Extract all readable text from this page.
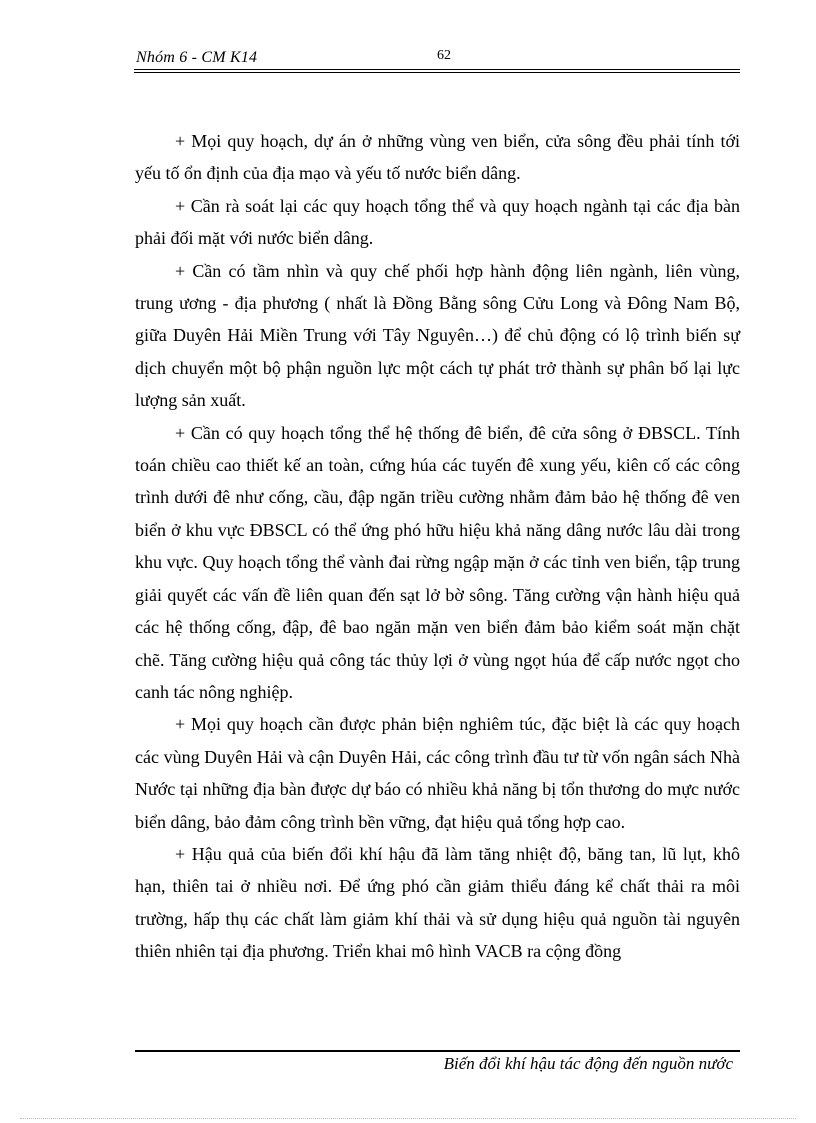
Nhóm 6 - CM K14	62

+ Mọi quy hoạch, dự án ở những vùng ven biển, cửa sông đều phải tính tới yếu tố ổn định của địa mạo và yếu tố nước biển dâng.

+ Cần rà soát lại các quy hoạch tổng thể và quy hoạch ngành tại các địa bàn phải đối mặt với nước biển dâng.

+ Cần có tầm nhìn và quy chế phối hợp hành động liên ngành, liên vùng, trung ương - địa phương ( nhất là Đồng Bằng sông Cửu Long và Đông Nam Bộ, giữa Duyên Hải Miền Trung với Tây Nguyên…) để chủ động có lộ trình biến sự dịch chuyển một bộ phận nguồn lực một cách tự phát trở thành sự phân bố lại lực lượng sản xuất.

+ Cần có quy hoạch tổng thể hệ thống đê biển, đê cửa sông ở ĐBSCL. Tính toán chiều cao thiết kế an toàn, cứng húa các tuyến đê xung yếu, kiên cố các công trình dưới đê như cống, cầu, đập ngăn triều cường nhằm đảm bảo hệ thống đê ven biển ở khu vực ĐBSCL có thể ứng phó hữu hiệu khả năng dâng nước lâu dài trong khu vực. Quy hoạch tổng thể vành đai rừng ngập mặn ở các tỉnh ven biển, tập trung giải quyết các vấn đề liên quan đến sạt lở bờ sông. Tăng cường vận hành hiệu quả các hệ thống cống, đập, đê bao ngăn mặn ven biển đảm bảo kiểm soát mặn chặt chẽ. Tăng cường hiệu quả công tác thủy lợi ở vùng ngọt húa để cấp nước ngọt cho canh tác nông nghiệp.

+ Mọi quy hoạch cần được phản biện nghiêm túc, đặc biệt là các quy hoạch các vùng Duyên Hải và cận Duyên Hải, các công trình đầu tư từ vốn ngân sách Nhà Nước tại những địa bàn được dự báo có nhiều khả năng bị tổn thương do mực nước biển dâng, bảo đảm công trình bền vững, đạt hiệu quả tổng hợp cao.

+ Hậu quả của biến đổi khí hậu đã làm tăng nhiệt độ, băng tan, lũ lụt, khô hạn, thiên tai ở nhiều nơi. Để ứng phó cần giảm thiểu đáng kể chất thải ra môi trường, hấp thụ các chất làm giảm khí thải và sử dụng hiệu quả nguồn tài nguyên thiên nhiên tại địa phương. Triển khai mô hình VACB ra cộng đồng

Biến đổi khí hậu tác động đến nguồn nước
